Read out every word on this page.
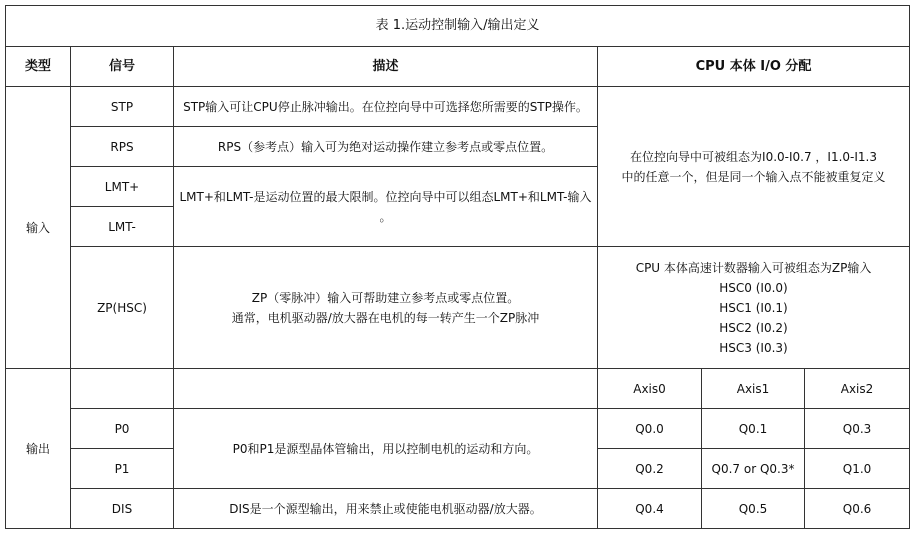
表 1.运动控制输入/输出定义					
类型	信号	描述	CPU 本体 I/O 分配		
输入	STP	STP输入可让CPU停止脉冲输出。在位控向导中可选择您所需要的STP操作。	在位控向导中可被组态为I0.0-I0.7 ，I1.0-I1.3
中的任意一个，但是同一个输入点不能被重复定义		

	RPS	RPS（参考点）输入可为绝对运动操作建立参考点或零点位置。			
	LMT+	LMT+和LMT-是运动位置的最大限制。位控向导中可以组态LMT+和LMT-输入
。			

	LMT-				
	ZP(HSC)	ZP（零脉冲）输入可帮助建立参考点或零点位置。
通常，电机驱动器/放大器在电机的每一转产生一个ZP脉冲	CPU 本体高速计数器输入可被组态为ZP输入
HSC0 (I0.0)
HSC1 (I0.1)
HSC2 (I0.2)
HSC3 (I0.3)		

输出			Axis0	Axis1	Axis2
	P0	P0和P1是源型晶体管输出，用以控制电机的运动和方向。	Q0.0	Q0.1	Q0.3
	P1		Q0.2	Q0.7 or Q0.3*	Q1.0
	DIS	DIS是一个源型输出，用来禁止或使能电机驱动器/放大器。	Q0.4	Q0.5	Q0.6
